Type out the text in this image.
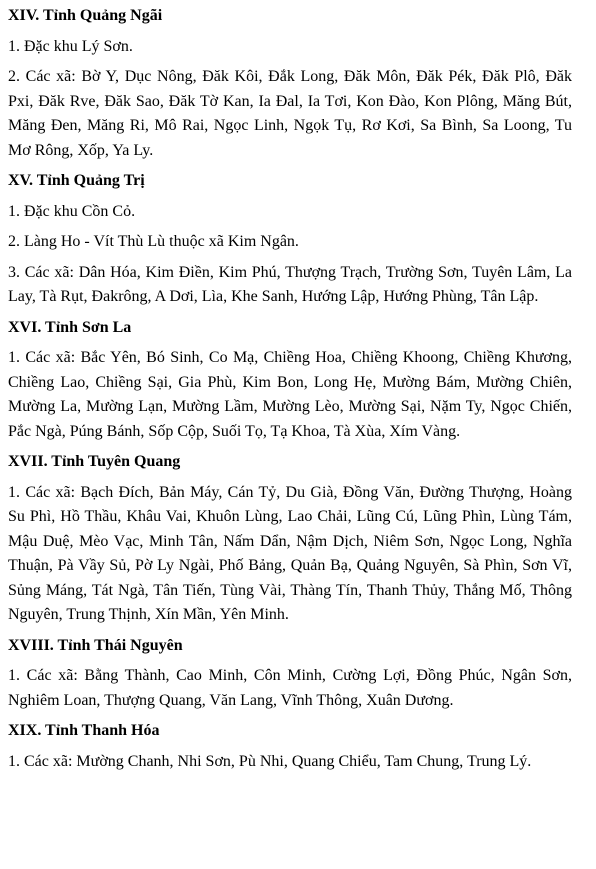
XIV. Tỉnh Quảng Ngãi
1. Đặc khu Lý Sơn.
2. Các xã: Bờ Y, Dục Nông, Đăk Kôi, Đắk Long, Đăk Môn, Đăk Pék, Đăk Plô, Đăk Pxi, Đăk Rve, Đăk Sao, Đăk Tờ Kan, Ia Đal, Ia Tơi, Kon Đào, Kon Plông, Măng Bút, Măng Đen, Măng Ri, Mô Rai, Ngọc Linh, Ngọk Tụ, Rơ Kơi, Sa Bình, Sa Loong, Tu Mơ Rông, Xốp, Ya Ly.
XV. Tỉnh Quảng Trị
1. Đặc khu Cồn Cỏ.
2. Làng Ho - Vít Thù Lù thuộc xã Kim Ngân.
3. Các xã: Dân Hóa, Kim Điền, Kim Phú, Thượng Trạch, Trường Sơn, Tuyên Lâm, La Lay, Tà Rụt, Đakrông, A Dơi, Lìa, Khe Sanh, Hướng Lập, Hướng Phùng, Tân Lập.
XVI. Tỉnh Sơn La
1. Các xã: Bắc Yên, Bó Sinh, Co Mạ, Chiềng Hoa, Chiềng Khoong, Chiềng Khương, Chiềng Lao, Chiềng Sại, Gia Phù, Kim Bon, Long Hẹ, Mường Bám, Mường Chiên, Mường La, Mường Lạn, Mường Lầm, Mường Lèo, Mường Sại, Nặm Ty, Ngọc Chiến, Pắc Ngà, Púng Bánh, Sốp Cộp, Suối Tọ, Tạ Khoa, Tà Xùa, Xím Vàng.
XVII. Tỉnh Tuyên Quang
1. Các xã: Bạch Đích, Bản Máy, Cán Tỷ, Du Già, Đồng Văn, Đường Thượng, Hoàng Su Phì, Hồ Thầu, Khâu Vai, Khuôn Lùng, Lao Chải, Lũng Cú, Lũng Phìn, Lùng Tám, Mậu Duệ, Mèo Vạc, Minh Tân, Nấm Dẩn, Nậm Dịch, Niêm Sơn, Ngọc Long, Nghĩa Thuận, Pà Vầy Sủ, Pờ Ly Ngài, Phố Bảng, Quản Bạ, Quảng Nguyên, Sà Phìn, Sơn Vĩ, Sủng Máng, Tát Ngà, Tân Tiến, Tùng Vài, Thàng Tín, Thanh Thủy, Thắng Mố, Thông Nguyên, Trung Thịnh, Xín Mần, Yên Minh.
XVIII. Tỉnh Thái Nguyên
1. Các xã: Bằng Thành, Cao Minh, Côn Minh, Cường Lợi, Đồng Phúc, Ngân Sơn, Nghiêm Loan, Thượng Quang, Văn Lang, Vĩnh Thông, Xuân Dương.
XIX. Tỉnh Thanh Hóa
1. Các xã: Mường Chanh, Nhi Sơn, Pù Nhi, Quang Chiểu, Tam Chung, Trung Lý.
